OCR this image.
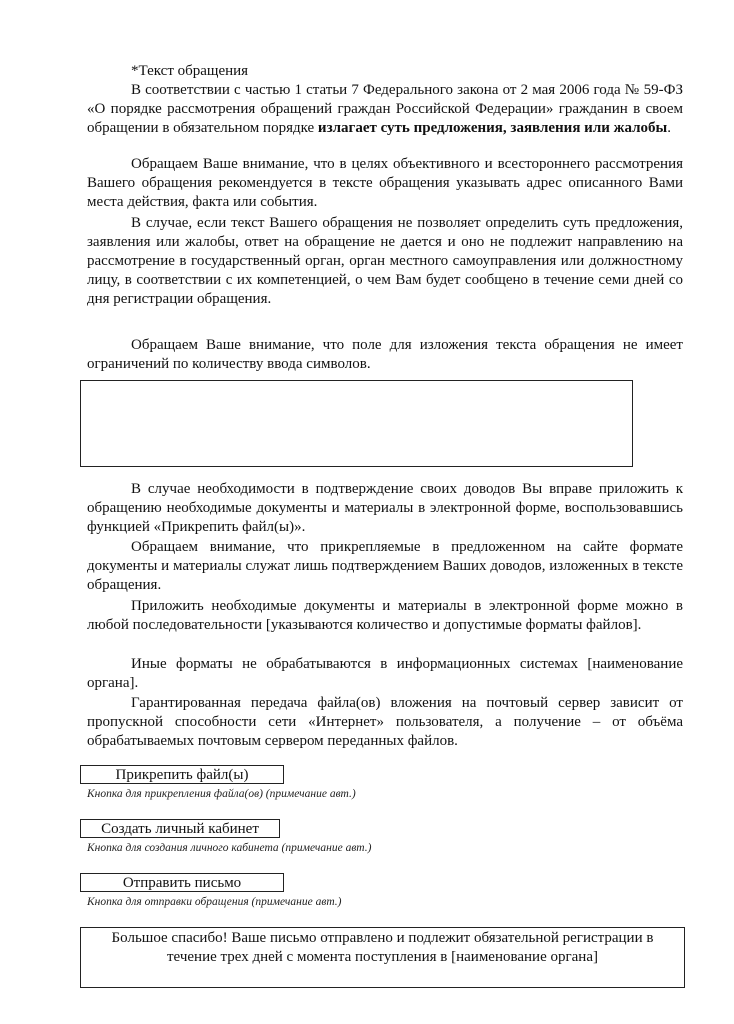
*Текст обращения

В соответствии с частью 1 статьи 7 Федерального закона от 2 мая 2006 года № 59-ФЗ «О порядке рассмотрения обращений граждан Российской Федерации» гражданин в своем обращении в обязательном порядке излагает суть предложения, заявления или жалобы.

Обращаем Ваше внимание, что в целях объективного и всестороннего рассмотрения Вашего обращения рекомендуется в тексте обращения указывать адрес описанного Вами места действия, факта или события.

В случае, если текст Вашего обращения не позволяет определить суть предложения, заявления или жалобы, ответ на обращение не дается и оно не подлежит направлению на рассмотрение в государственный орган, орган местного самоуправления или должностному лицу, в соответствии с их компетенцией, о чем Вам будет сообщено в течение семи дней со дня регистрации обращения.

Обращаем Ваше внимание, что поле для изложения текста обращения не имеет ограничений по количеству ввода символов.

В случае необходимости в подтверждение своих доводов Вы вправе приложить к обращению необходимые документы и материалы в электронной форме, воспользовавшись функцией «Прикрепить файл(ы)».

Обращаем внимание, что прикрепляемые в предложенном на сайте формате документы и материалы служат лишь подтверждением Ваших доводов, изложенных в тексте обращения.

Приложить необходимые документы и материалы в электронной форме можно в любой последовательности [указываются количество и допустимые форматы файлов].

Иные форматы не обрабатываются в информационных системах [наименование органа].

Гарантированная передача файла(ов) вложения на почтовый сервер зависит от пропускной способности сети «Интернет» пользователя, а получение – от объёма обрабатываемых почтовым сервером переданных файлов.

Прикрепить файл(ы)
Кнопка для прикрепления файла(ов) (примечание авт.)
Создать личный кабинет
Кнопка для создания личного кабинета (примечание авт.)
Отправить письмо
Кнопка для отправки обращения (примечание авт.)
Большое спасибо! Ваше письмо отправлено и подлежит обязательной регистрации в течение трех дней с момента поступления в [наименование органа]
